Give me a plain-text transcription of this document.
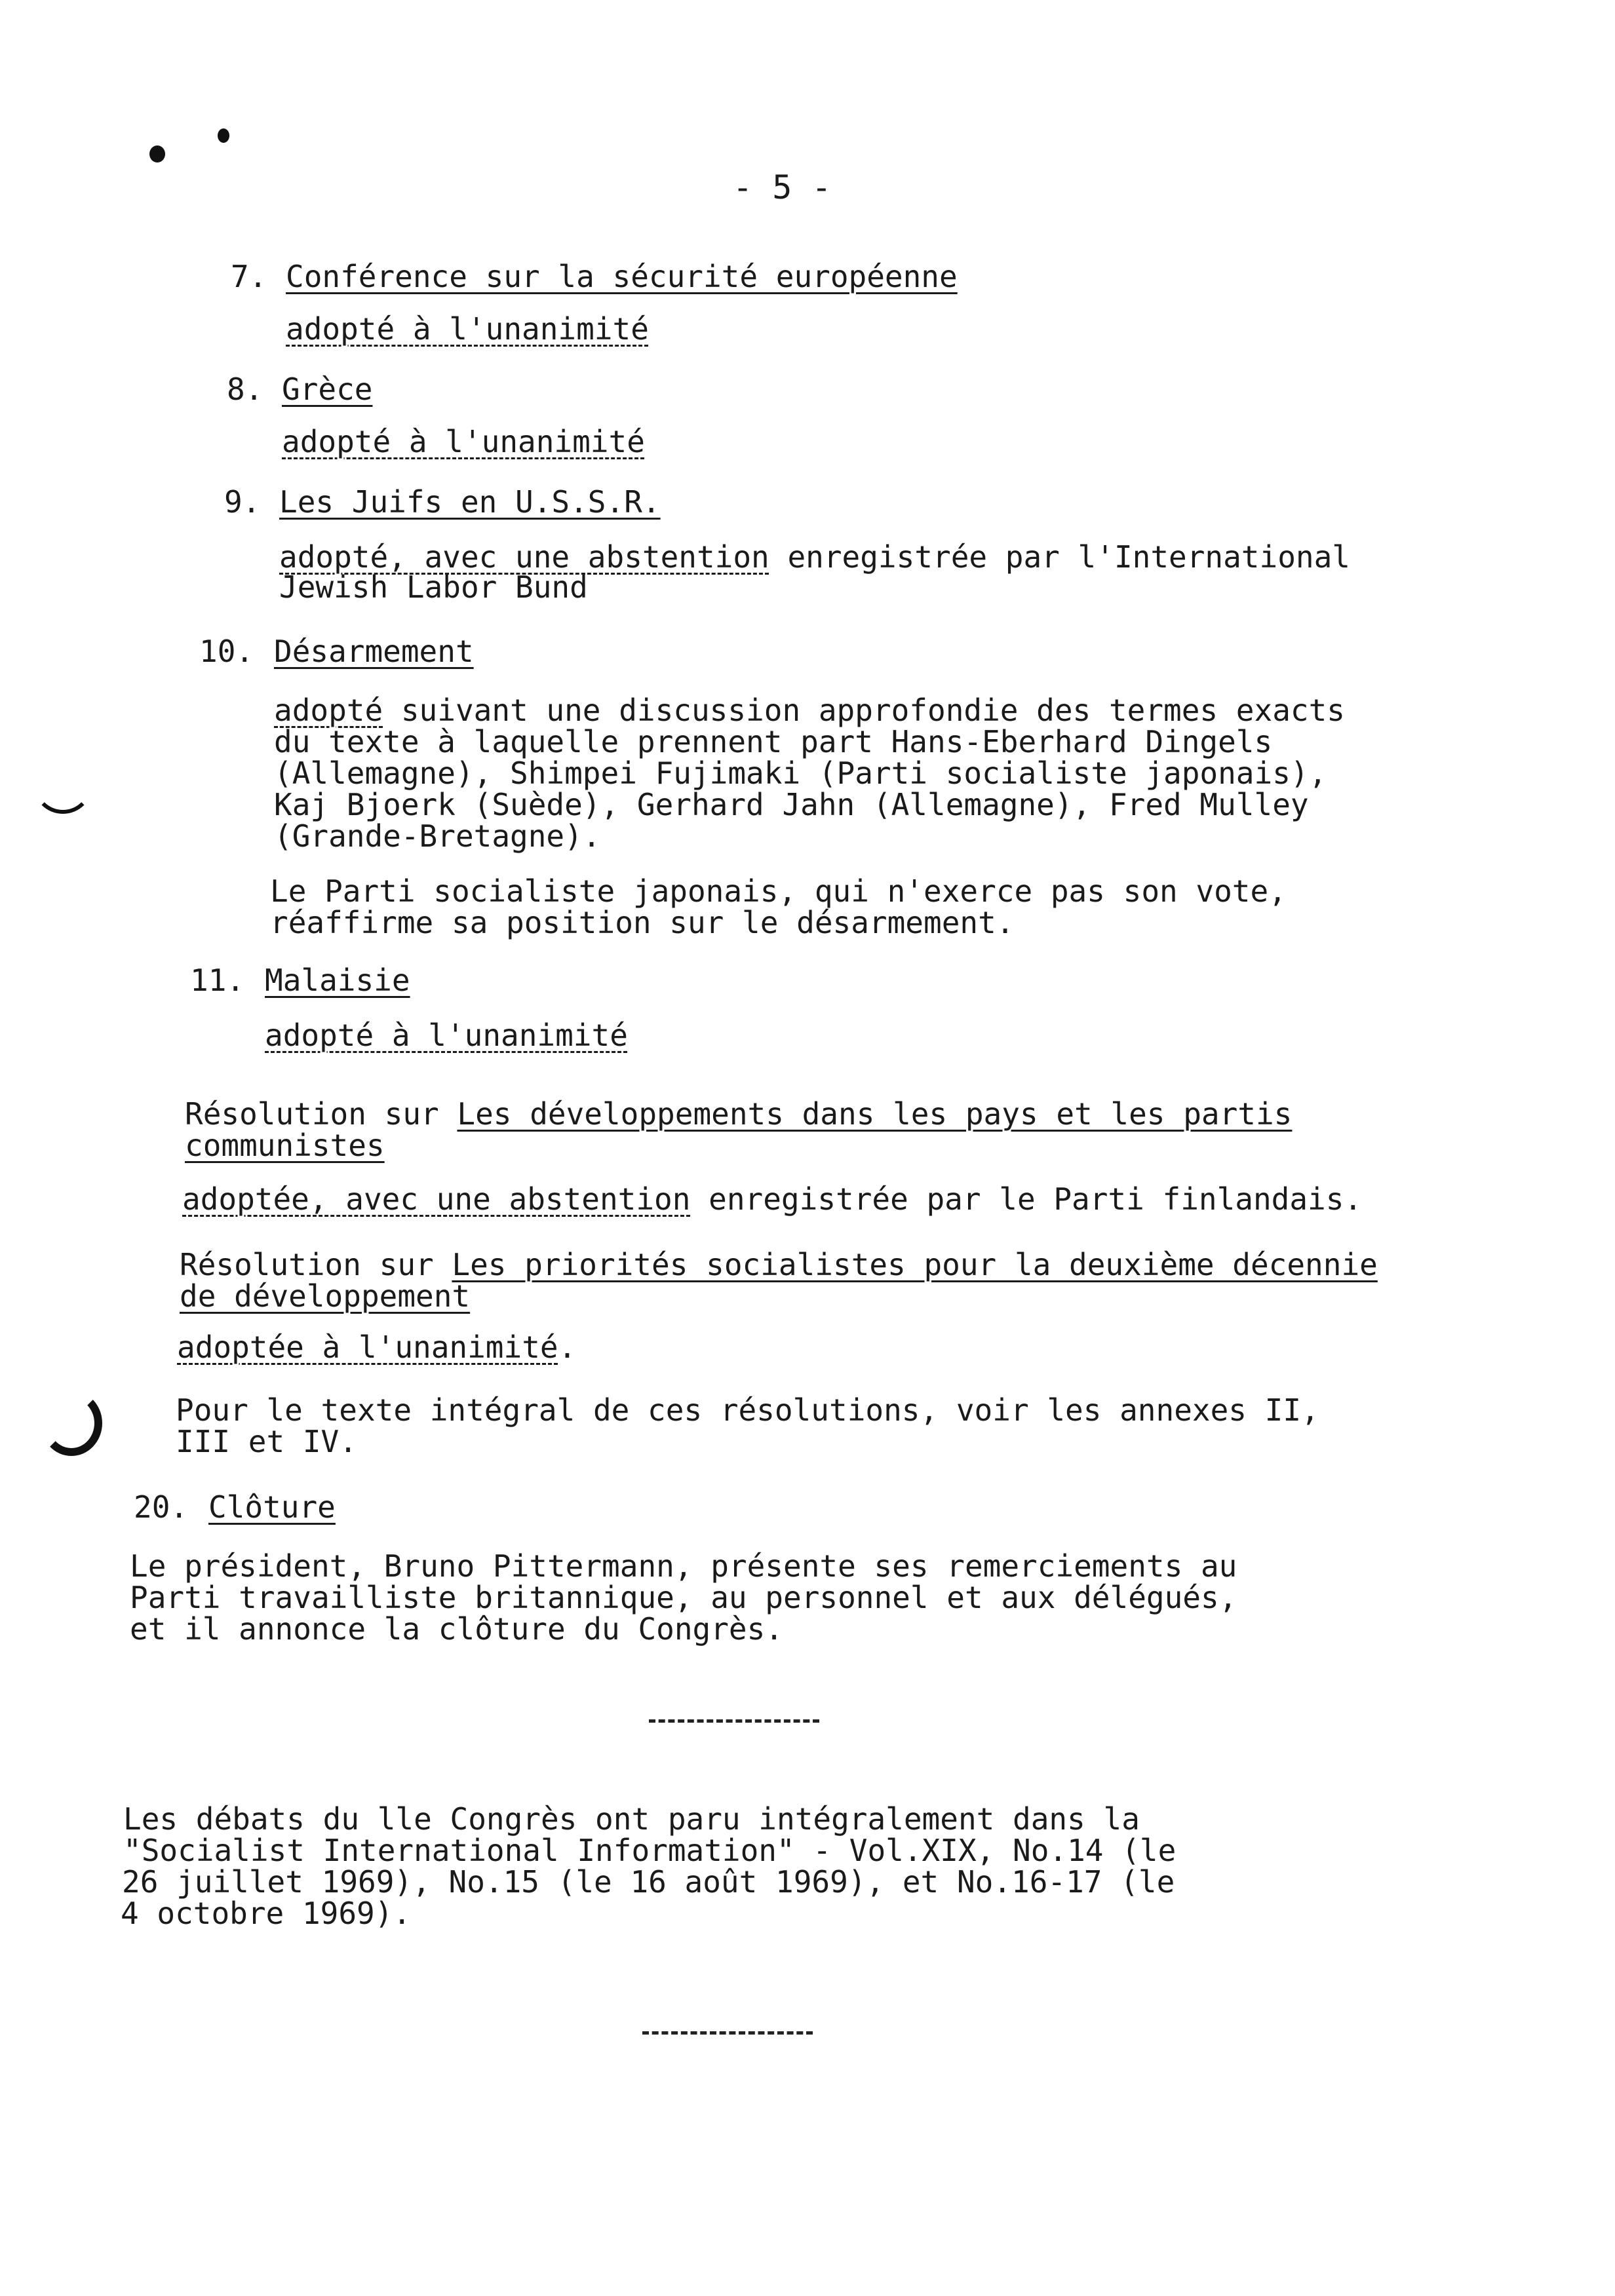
- 5 -

7. Conférence sur la sécurité européenne

adopté à l'unanimité

8. Grèce

adopté à l'unanimité

9. Les Juifs en U.S.S.R.

adopté, avec une abstention enregistrée par l'International

Jewish Labor Bund

10. Désarmement

adopté suivant une discussion approfondie des termes exacts

du texte à laquelle prennent part Hans-Eberhard Dingels

(Allemagne), Shimpei Fujimaki (Parti socialiste japonais),

Kaj Bjoerk (Suède), Gerhard Jahn (Allemagne), Fred Mulley

(Grande-Bretagne).

Le Parti socialiste japonais, qui n'exerce pas son vote,

réaffirme sa position sur le désarmement.

11. Malaisie

adopté à l'unanimité

Résolution sur Les développements dans les pays et les partis

communistes

adoptée, avec une abstention enregistrée par le Parti finlandais.

Résolution sur Les priorités socialistes pour la deuxième décennie

de développement

adoptée à l'unanimité.

Pour le texte intégral de ces résolutions, voir les annexes II,

III et IV.

20. Clôture

Le président, Bruno Pittermann, présente ses remerciements au

Parti travailliste britannique, au personnel et aux délégués,

et il annonce la clôture du Congrès.

Les débats du lle Congrès ont paru intégralement dans la

"Socialist International Information" - Vol.XIX, No.14 (le

26 juillet 1969), No.15 (le 16 août 1969), et No.16-17 (le

4 octobre 1969).
